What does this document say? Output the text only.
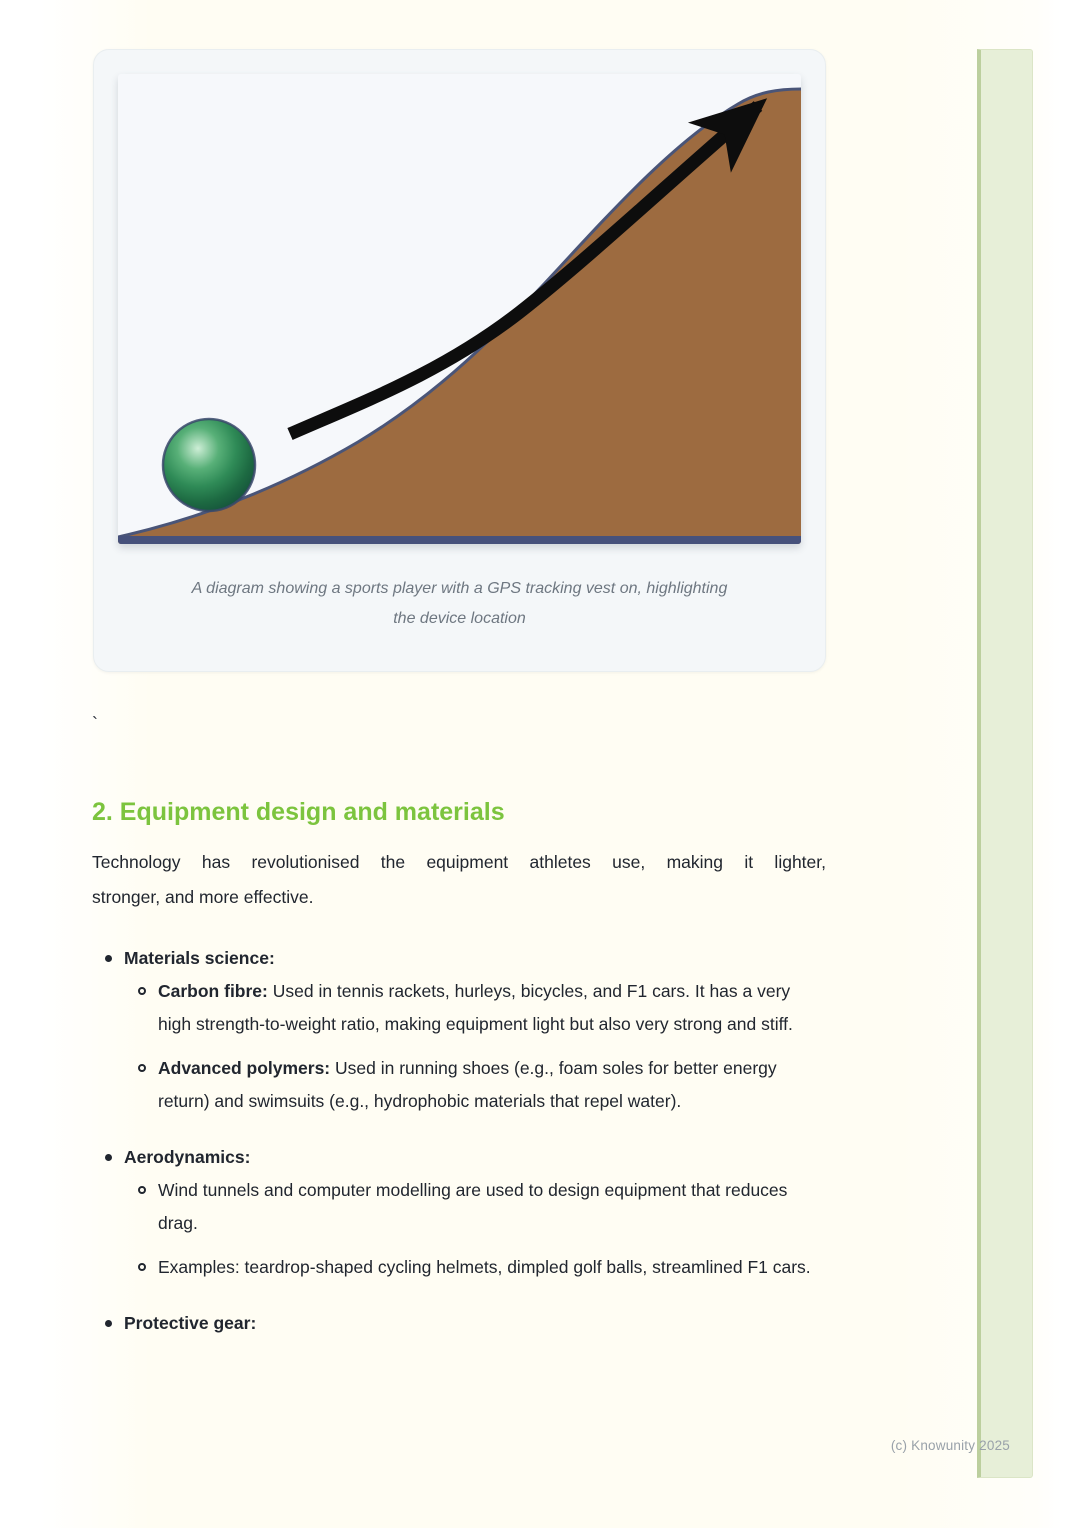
A diagram showing a sports player with a GPS tracking vest on, highlighting
the device location
`
2. Equipment design and materials
Technology has revolutionised the equipment athletes use, making it lighter,
stronger, and more effective.
Materials science:
Carbon fibre: Used in tennis rackets, hurleys, bicycles, and F1 cars. It has a very high strength-to-weight ratio, making equipment light but also very strong and stiff.
Advanced polymers: Used in running shoes (e.g., foam soles for better energy return) and swimsuits (e.g., hydrophobic materials that repel water).
Aerodynamics:
Wind tunnels and computer modelling are used to design equipment that reduces drag.
Examples: teardrop-shaped cycling helmets, dimpled golf balls, streamlined F1 cars.
Protective gear:
(c) Knowunity 2025
